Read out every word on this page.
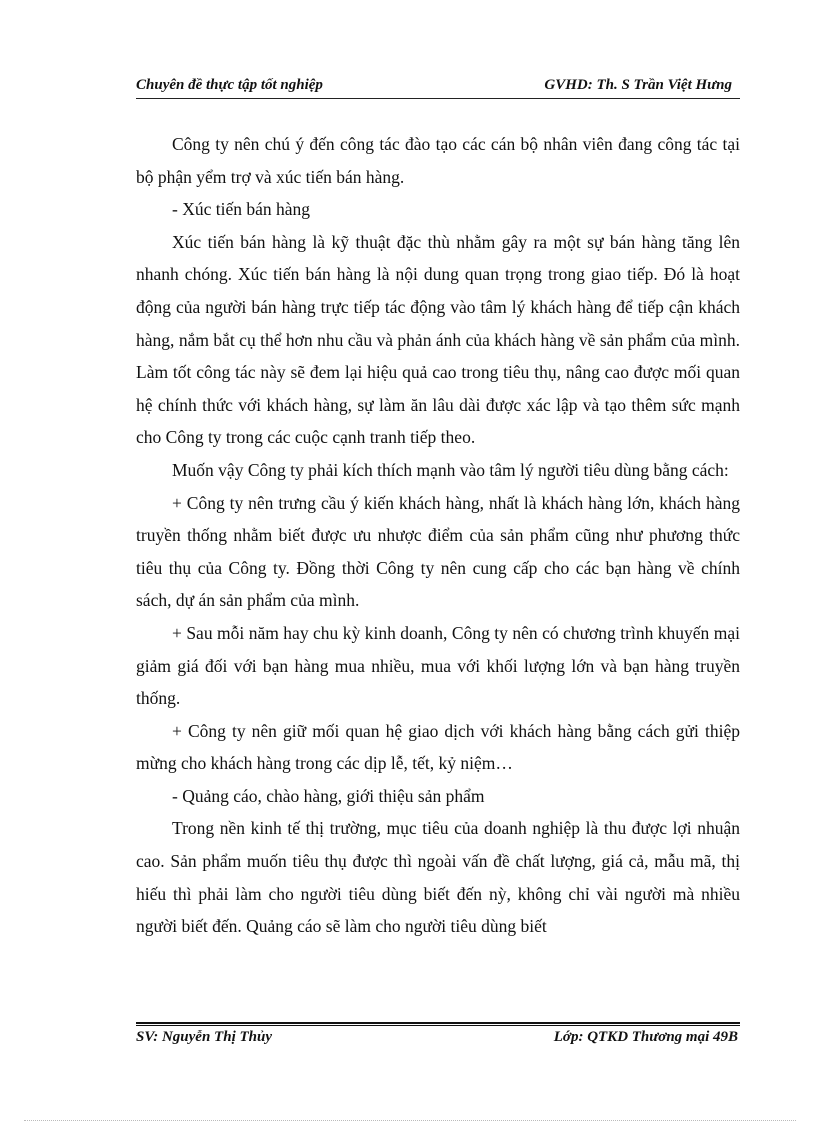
Chuyên đề thực tập tốt nghiệp	GVHD: Th. S Trần Việt Hưng

Công ty nên chú ý đến công tác đào tạo các cán bộ nhân viên đang công tác tại bộ phận yểm trợ và xúc tiến bán hàng.

- Xúc tiến bán hàng

Xúc tiến bán hàng là kỹ thuật đặc thù nhằm gây ra một sự bán hàng tăng lên nhanh chóng. Xúc tiến bán hàng là nội dung quan trọng trong giao tiếp. Đó là hoạt động của người bán hàng trực tiếp tác động vào tâm lý khách hàng để tiếp cận khách hàng, nắm bắt cụ thể hơn nhu cầu và phản ánh của khách hàng về sản phẩm của mình. Làm tốt công tác này sẽ đem lại hiệu quả cao trong tiêu thụ, nâng cao được mối quan hệ chính thức với khách hàng, sự làm ăn lâu dài được xác lập và tạo thêm sức mạnh cho Công ty trong các cuộc cạnh tranh tiếp theo.

Muốn vậy Công ty phải kích thích mạnh vào tâm lý người tiêu dùng bằng cách:

+ Công ty nên trưng cầu ý kiến khách hàng, nhất là khách hàng lớn, khách hàng truyền thống nhằm biết được ưu nhược điểm của sản phẩm cũng như phương thức tiêu thụ của Công ty. Đồng thời Công ty nên cung cấp cho các bạn hàng về chính sách, dự án sản phẩm của mình.

+ Sau mỗi năm hay chu kỳ kinh doanh, Công ty nên có chương trình khuyến mại giảm giá đối với bạn hàng mua nhiều, mua với khối lượng lớn và bạn hàng truyền thống.

+ Công ty nên giữ mối quan hệ giao dịch với khách hàng bằng cách gửi thiệp mừng cho khách hàng trong các dịp lễ, tết, kỷ niệm…

- Quảng cáo, chào hàng, giới thiệu sản phẩm

Trong nền kinh tế thị trường, mục tiêu của doanh nghiệp là thu được lợi nhuận cao. Sản phẩm muốn tiêu thụ được thì ngoài vấn đề chất lượng, giá cả, mẫu mã, thị hiếu thì phải làm cho người tiêu dùng biết đến nỳ, không chỉ vài người mà nhiều người biết đến. Quảng cáo sẽ làm cho người tiêu dùng biết

SV: Nguyễn Thị Thủy	Lớp: QTKD Thương mại 49B
